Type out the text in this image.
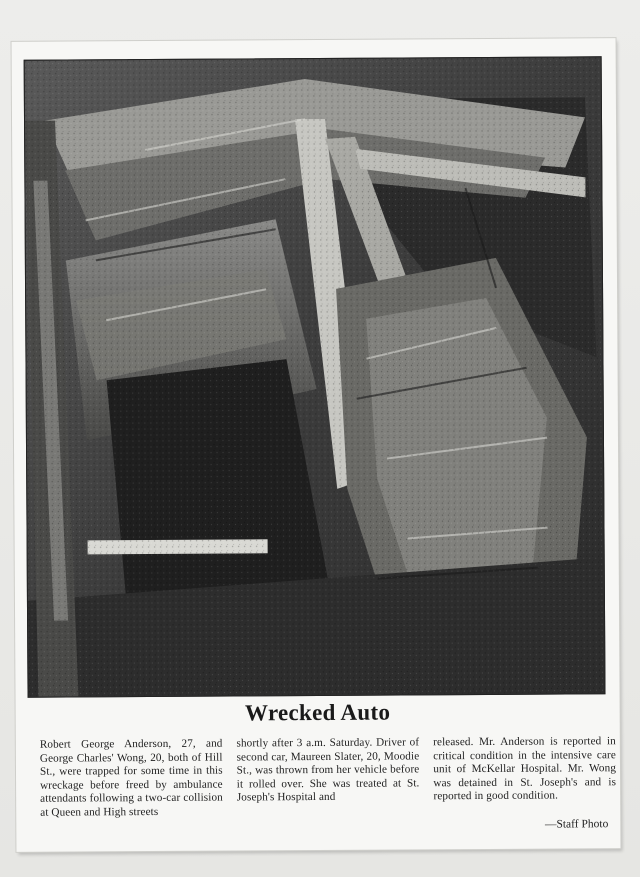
Wrecked Auto
Robert George Anderson, 27, and George Charles' Wong, 20, both of Hill St., were trapped for some time in this wreckage before freed by ambulance attendants following a two-car collision at Queen and High streets
shortly after 3 a.m. Saturday. Driver of second car, Maureen Slater, 20, Moodie St., was thrown from her vehicle before it rolled over. She was treated at St. Joseph's Hospital and
released. Mr. Anderson is reported in critical condition in the intensive care unit of McKellar Hospital. Mr. Wong was detained in St. Joseph's and is reported in good condition.
—Staff Photo
